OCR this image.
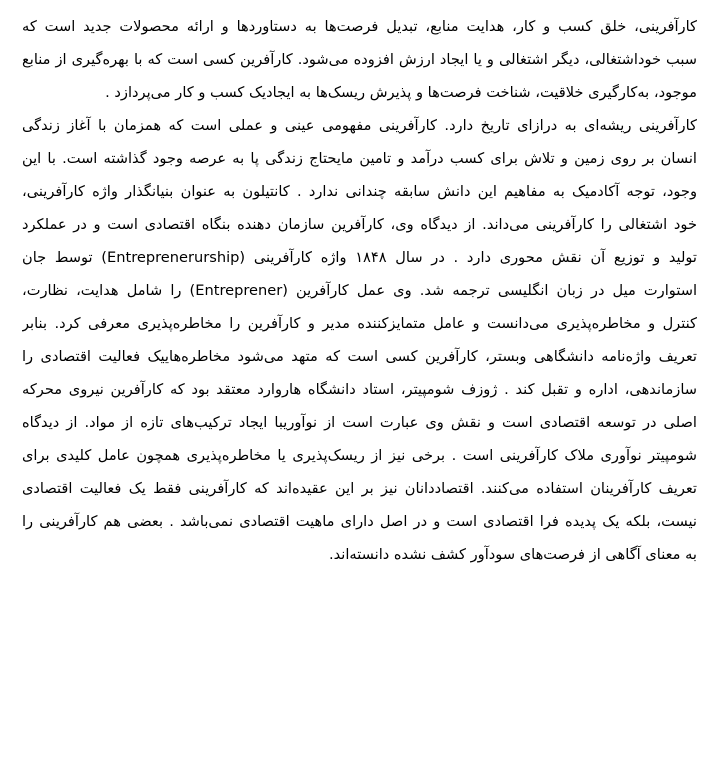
کارآفرینی، خلق کسب و کار، هدایت منابع، تبدیل فرصت‌ها به دستاوردها و ارائه محصولات جدید است که
سبب خوداشتغالی، دیگر اشتغالی و یا ایجاد ارزش افزوده می‌شود. کارآفرین کسی است که با بهره‌گیری از منابع
موجود، به‌کارگیری خلاقیت، شناخت فرصت‌ها و پذیرش ریسک‌ها به ایجادیک کسب و کار می‌پردازد .
کارآفرینی ریشه‌ای به درازای تاریخ دارد. کارآفرینی مفهومی عینی و عملی است که همزمان با آغاز زندگی
انسان بر روی زمین و تلاش برای کسب درآمد و تامین مایحتاج زندگی پا به عرصه وجود گذاشته است. با این
وجود، توجه آکادمیک به مفاهیم این دانش سابقه چندانی ندارد . کانتیلون به عنوان بنیانگذار واژه کارآفرینی،
خود اشتغالی را کارآفرینی می‌داند. از دیدگاه وی، کارآفرین سازمان دهنده بنگاه اقتصادی است و در عملکرد
تولید و توزیع آن نقش محوری دارد . در سال ۱۸۴۸ واژه کارآفرینی (Entreprenerurship) توسط جان
استوارت میل در زبان انگلیسی ترجمه شد. وی عمل کارآفرین (Entreprener) را شامل هدایت، نظارت،
کنترل و مخاطره‌پذیری می‌دانست و عامل متمایزکننده مدیر و کارآفرین را مخاطره‌پذیری معرفی کرد. بنابر
تعریف واژه‌نامه دانشگاهی وبستر، کارآفرین کسی است که متهد می‌شود مخاطره‌هاییک فعالیت اقتصادی را
سازماندهی، اداره و تقبل کند . ژوزف شومپیتر، استاد دانشگاه هاروارد معتقد بود که کارآفرین نیروی محرکه
اصلی در توسعه اقتصادی است و نقش وی عبارت است از نوآوریبا ایجاد ترکیب‌های تازه از مواد. از دیدگاه
شومپیتر نوآوری ملاک کارآفرینی است . برخی نیز از ریسک‌پذیری یا مخاطره‌پذیری همچون عامل کلیدی برای
تعریف کارآفرینان استفاده می‌کنند. اقتصاددانان نیز بر این عقیده‌اند که کارآفرینی فقط یک فعالیت اقتصادی
نیست، بلکه یک پدیده فرا اقتصادی است و در اصل دارای ماهیت اقتصادی نمی‌باشد . بعضی هم کارآفرینی را
به معنای آگاهی از فرصت‌های سودآور کشف نشده دانسته‌اند.
